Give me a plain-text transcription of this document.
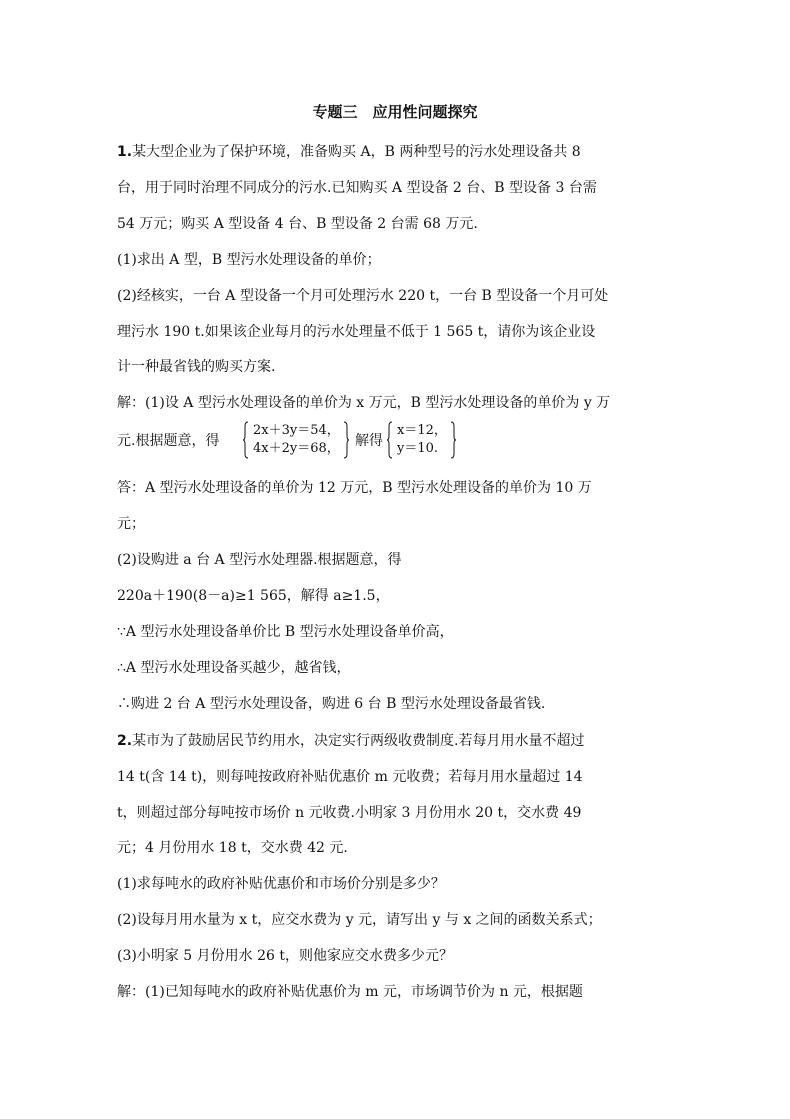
专题三　应用性问题探究
1.某大型企业为了保护环境，准备购买 A，B 两种型号的污水处理设备共 8
台，用于同时治理不同成分的污水.已知购买 A 型设备 2 台、B 型设备 3 台需
54 万元；购买 A 型设备 4 台、B 型设备 2 台需 68 万元.
(1)求出 A 型，B 型污水处理设备的单价；
(2)经核实，一台 A 型设备一个月可处理污水 220 t，一台 B 型设备一个月可处
理污水 190 t.如果该企业每月的污水处理量不低于 1 565 t，请你为该企业设
计一种最省钱的购买方案.
解：(1)设 A 型污水处理设备的单价为 x 万元，B 型污水处理设备的单价为 y 万
元.根据题意，得
2x＋3y＝54，
4x＋2y＝68， 解得
x＝12，
y＝10.
答：A 型污水处理设备的单价为 12 万元，B 型污水处理设备的单价为 10 万
元；
(2)设购进 a 台 A 型污水处理器.根据题意，得
220a＋190(8－a)≥1 565，解得 a≥1.5，
∵A 型污水处理设备单价比 B 型污水处理设备单价高，
∴A 型污水处理设备买越少，越省钱，
∴购进 2 台 A 型污水处理设备，购进 6 台 B 型污水处理设备最省钱.
2.某市为了鼓励居民节约用水，决定实行两级收费制度.若每月用水量不超过
14 t(含 14 t)，则每吨按政府补贴优惠价 m 元收费；若每月用水量超过 14
t，则超过部分每吨按市场价 n 元收费.小明家 3 月份用水 20 t，交水费 49
元；4 月份用水 18 t，交水费 42 元.
(1)求每吨水的政府补贴优惠价和市场价分别是多少？
(2)设每月用水量为 x t，应交水费为 y 元，请写出 y 与 x 之间的函数关系式；
(3)小明家 5 月份用水 26 t，则他家应交水费多少元？
解：(1)已知每吨水的政府补贴优惠价为 m 元，市场调节价为 n 元，根据题
